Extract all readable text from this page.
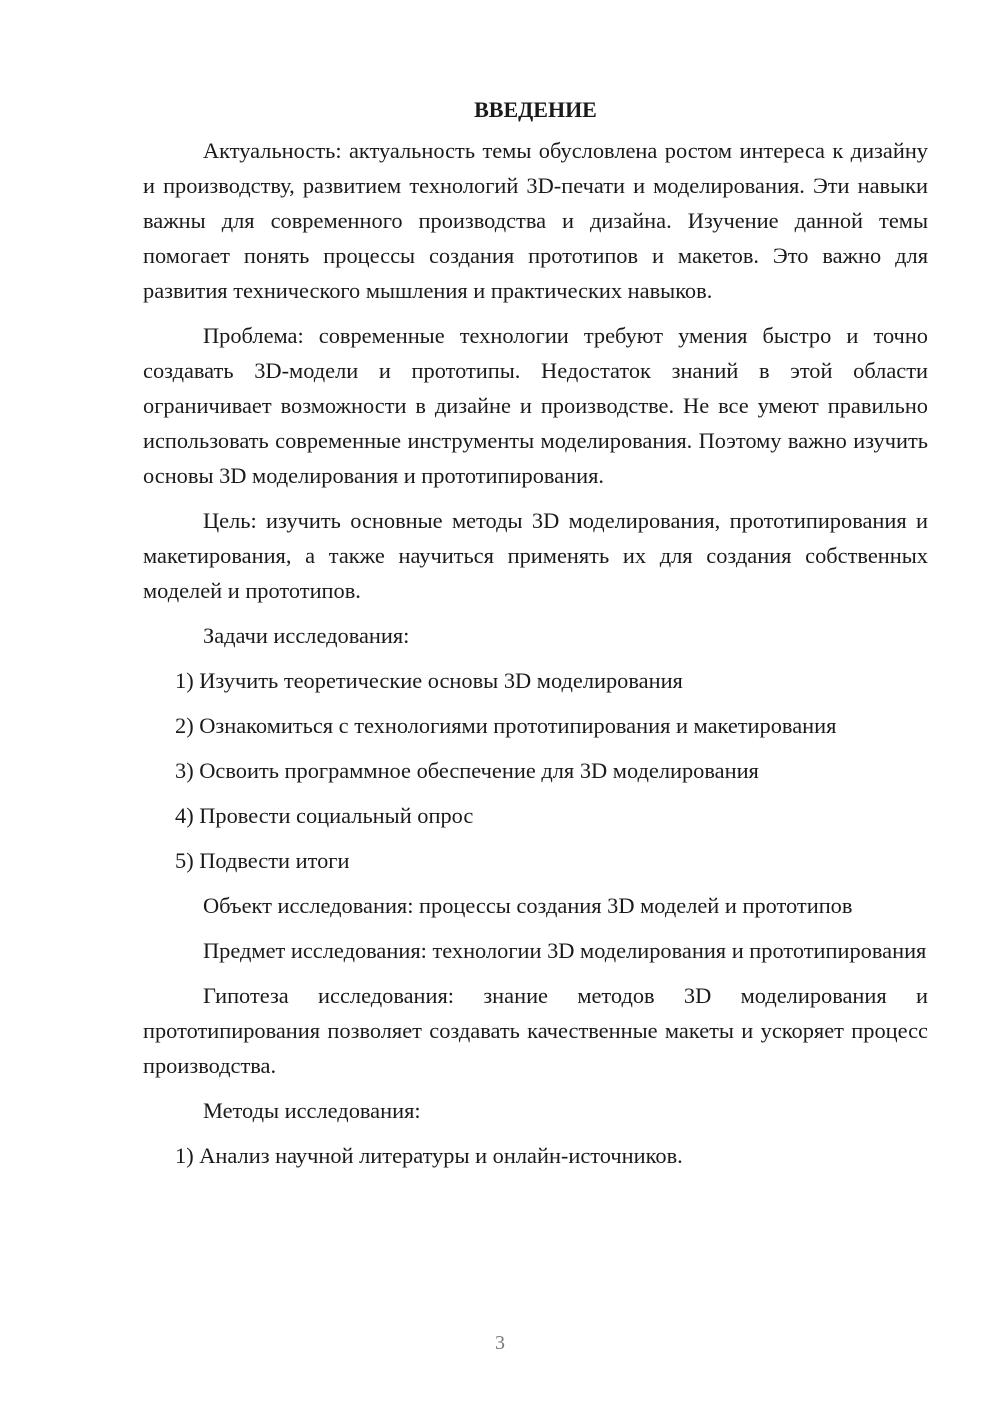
ВВЕДЕНИЕ

Актуальность: актуальность темы обусловлена ростом интереса к дизайну и производству, развитием технологий 3D-печати и моделирования. Эти навыки важны для современного производства и дизайна. Изучение данной темы помогает понять процессы создания прототипов и макетов. Это важно для развития технического мышления и практических навыков.

Проблема: современные технологии требуют умения быстро и точно создавать 3D-модели и прототипы. Недостаток знаний в этой области ограничивает возможности в дизайне и производстве. Не все умеют правильно использовать современные инструменты моделирования. Поэтому важно изучить основы 3D моделирования и прототипирования.

Цель: изучить основные методы 3D моделирования, прототипирования и макетирования, а также научиться применять их для создания собственных моделей и прототипов.

Задачи исследования:

1) Изучить теоретические основы 3D моделирования
2) Ознакомиться с технологиями прототипирования и макетирования
3) Освоить программное обеспечение для 3D моделирования
4) Провести социальный опрос
5) Подвести итоги

Объект исследования: процессы создания 3D моделей и прототипов

Предмет исследования: технологии 3D моделирования и прототипирования

Гипотеза исследования: знание методов 3D моделирования и прототипирования позволяет создавать качественные макеты и ускоряет процесс производства.

Методы исследования:

1) Анализ научной литературы и онлайн-источников.
3
